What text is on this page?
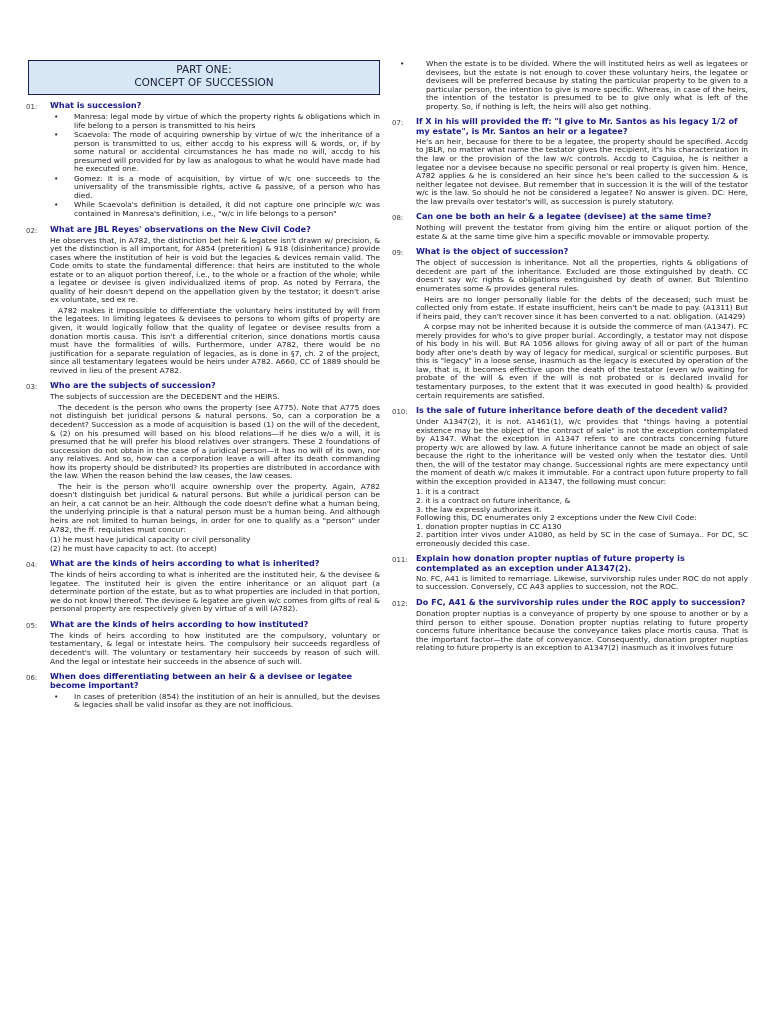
PART ONE:
CONCEPT OF SUCCESSION
01:	What is succession?
•	Manresa: legal mode by virtue of which the property rights & obligations which in life belong to a person is transmitted to his heirs
•	Scaevola: The mode of acquiring ownership by virtue of w/c the inheritance of a person is transmitted to us, either accdg to his express will & words, or, if by some natural or accidental circumstances he has made no will, accdg to his presumed will provided for by law as analogous to what he would have made had he executed one.
•	Gomez: It is a mode of acquisition, by virtue of w/c one succeeds to the universality of the transmissible rights, active & passive, of a person who has died.
•	While Scaevola's definition is detailed, it did not capture one principle w/c was contained in Manresa's definition, i.e., "w/c in life belongs to a person"
02:	What are JBL Reyes' observations on the New Civil Code?

He observes that, in A782, the distinction bet heir & legatee isn't drawn w/ precision, & yet the distinction is all important, for A854 (preterition) & 918 (disinheritance) provide cases where the institution of heir is void but the legacies & devices remain valid. The Code omits to state the fundamental difference: that heirs are instituted to the whole estate or to an aliquot portion thereof, i.e., to the whole or a fraction of the whole; while a legatee or devisee is given individualized items of prop. As noted by Ferrara, the quality of heir doesn't depend on the appellation given by the testator; it doesn't arise ex voluntate, sed ex re.

A782 makes it impossible to differentiate the voluntary heirs instituted by will from the legatees. In limiting legatees & devisees to persons to whom gifts of property are given, it would logically follow that the quality of legatee or devisee results from a donation mortis causa. This isn't a differential criterion, since donations mortis causa must have the formalities of wills. Furthermore, under A782, there would be no justification for a separate regulation of legacies, as is done in §7, ch. 2 of the project, since all testamentary legatees would be heirs under A782. A660, CC of 1889 should be revived in lieu of the present A782.

03:	Who are the subjects of succession?

The subjects of succession are the DECEDENT and the HEIRS.

The decedent is the person who owns the property (see A775). Note that A775 does not distinguish bet juridical persons & natural persons. So, can a corporation be a decedent? Succession as a mode of acquisition is based (1) on the will of the decedent, & (2) on his presumed will based on his blood relations—if he dies w/o a will, it is presumed that he will prefer his blood relatives over strangers. These 2 foundations of succession do not obtain in the case of a juridical person—it has no will of its own, nor any relatives. And so, how can a corporation leave a will after its death commanding how its property should be distributed? Its properties are distributed in accordance with the law. When the reason behind the law ceases, the law ceases.

The heir is the person who'll acquire ownership over the property. Again, A782 doesn't distinguish bet juridical & natural persons. But while a juridical person can be an heir, a cat cannot be an heir. Although the code doesn't define what a human being, the underlying principle is that a natural person must be a human being. And although heirs are not limited to human beings, in order for one to qualify as a "person" under A782, the ff. requisites must concur:

(1) he must have juridical capacity or civil personality

(2) he must have capacity to act. (to accept)

04:	What are the kinds of heirs according to what is inherited?

The kinds of heirs according to what is inherited are the instituted heir, & the devisee & legatee. The instituted heir is given the entire inheritance or an aliquot part (a determinate portion of the estate, but as to what properties are included in that portion, we do not know) thereof. The devisee & legatee are given w/c comes from gifts of real & personal property are respectively given by virtue of a will (A782).

05:	What are the kinds of heirs according to how instituted?

The kinds of heirs according to how instituted are the compulsory, voluntary or testamentary, & legal or intestate heirs. The compulsory heir succeeds regardless of decedent's will. The voluntary or testamentary heir succeeds by reason of such will. And the legal or intestate heir succeeds in the absence of such will.

06:	When does differentiating between an heir & a devisee or legatee become important?
•	In cases of preterition (854) the institution of an heir is annulled, but the devises & legacies shall be valid insofar as they are not inofficious.
•	When the estate is to be divided. Where the will instituted heirs as well as legatees or devisees, but the estate is not enough to cover these voluntary heirs, the legatee or devisees will be preferred because by stating the particular property to be given to a particular person, the intention to give is more specific. Whereas, in case of the heirs, the intention of the testator is presumed to be to give only what is left of the property. So, if nothing is left, the heirs will also get nothing.
07:	If X in his will provided the ff: "I give to Mr. Santos as his legacy 1/2 of my estate", is Mr. Santos an heir or a legatee?

He's an heir, because for there to be a legatee, the property should be specified. Accdg to JBLR, no matter what name the testator gives the recipient, it's his characterization in the law or the provision of the law w/c controls. Accdg to Caguioa, he is neither a legatee nor a devisee because no specific personal or real property is given him. Hence, A782 applies & he is considered an heir since he's been called to the succession & is neither legatee not devisee. But remember that in succession it is the will of the testator w/c is the law. So should he not be considered a legatee? No answer is given. DC: Here, the law prevails over testator's will, as succession is purely statutory.

08:	Can one be both an heir & a legatee (devisee) at the same time?

Nothing will prevent the testator from giving him the entire or aliquot portion of the estate & at the same time give him a specific movable or immovable property.

09:	What is the object of succession?

The object of succession is inheritance. Not all the properties, rights & obligations of decedent are part of the inheritance. Excluded are those extinguished by death. CC doesn't say w/c rights & obligations extinguished by death of owner. But Tolentino enumerates some & provides general rules.

Heirs are no longer personally liable for the debts of the deceased; such must be collected only from estate. If estate insufficient, heirs can't be made to pay. (A1311) But if heirs paid, they can't recover since it has been converted to a nat. obligation. (A1429)

A corpse may not be inherited because it is outside the commerce of man (A1347). FC merely provides for who's to give proper burial. Accordingly, a testator may not dispose of his body in his will. But RA 1056 allows for giving away of all or part of the human body after one's death by way of legacy for medical, surgical or scientific purposes. But this is "legacy" in a loose sense, inasmuch as the legacy is executed by operation of the law, that is, it becomes effective upon the death of the testator (even w/o waiting for probate of the will & even if the will is not probated or is declared invalid for testamentary purposes, to the extent that it was executed in good health) & provided certain requirements are satisfied.

010:	Is the sale of future inheritance before death of the decedent valid?

Under A1347(2), it is not. A1461(1), w/c provides that "things having a potential existence may be the object of the contract of sale" is not the exception contemplated by A1347. What the exception in A1347 refers to are contracts concerning future property w/c are allowed by law. A future inheritance cannot be made an object of sale because the right to the inheritance will be vested only when the testator dies. Until then, the will of the testator may change. Successional rights are mere expectancy until the moment of death w/c makes it immutable. For a contract upon future property to fall within the exception provided in A1347, the following must concur:

1. it is a contract

2. it is a contract on future inheritance, &

3. the law expressly authorizes it.

Following this, DC enumerates only 2 exceptions under the New Civil Code:

1. donation propter nuptias in CC A130

2. partition inter vivos under A1080, as held by SC in the case of Sumaya.. For DC, SC erroneously decided this case.

011:	Explain how donation propter nuptias of future property is contemplated as an exception under A1347(2).

No. FC, A41 is limited to remarriage. Likewise, survivorship rules under ROC do not apply to succession. Conversely, CC A43 applies to succession, not the ROC.

012:	Do FC, A41 & the survivorship rules under the ROC apply to succession?

Donation propter nuptias is a conveyance of property by one spouse to another or by a third person to either spouse. Donation propter nuptias relating to future property concerns future inheritance because the conveyance takes place mortis causa. That is the important factor—the date of conveyance. Consequently, donation propter nuptias relating to future property is an exception to A1347(2) inasmuch as it involves future
